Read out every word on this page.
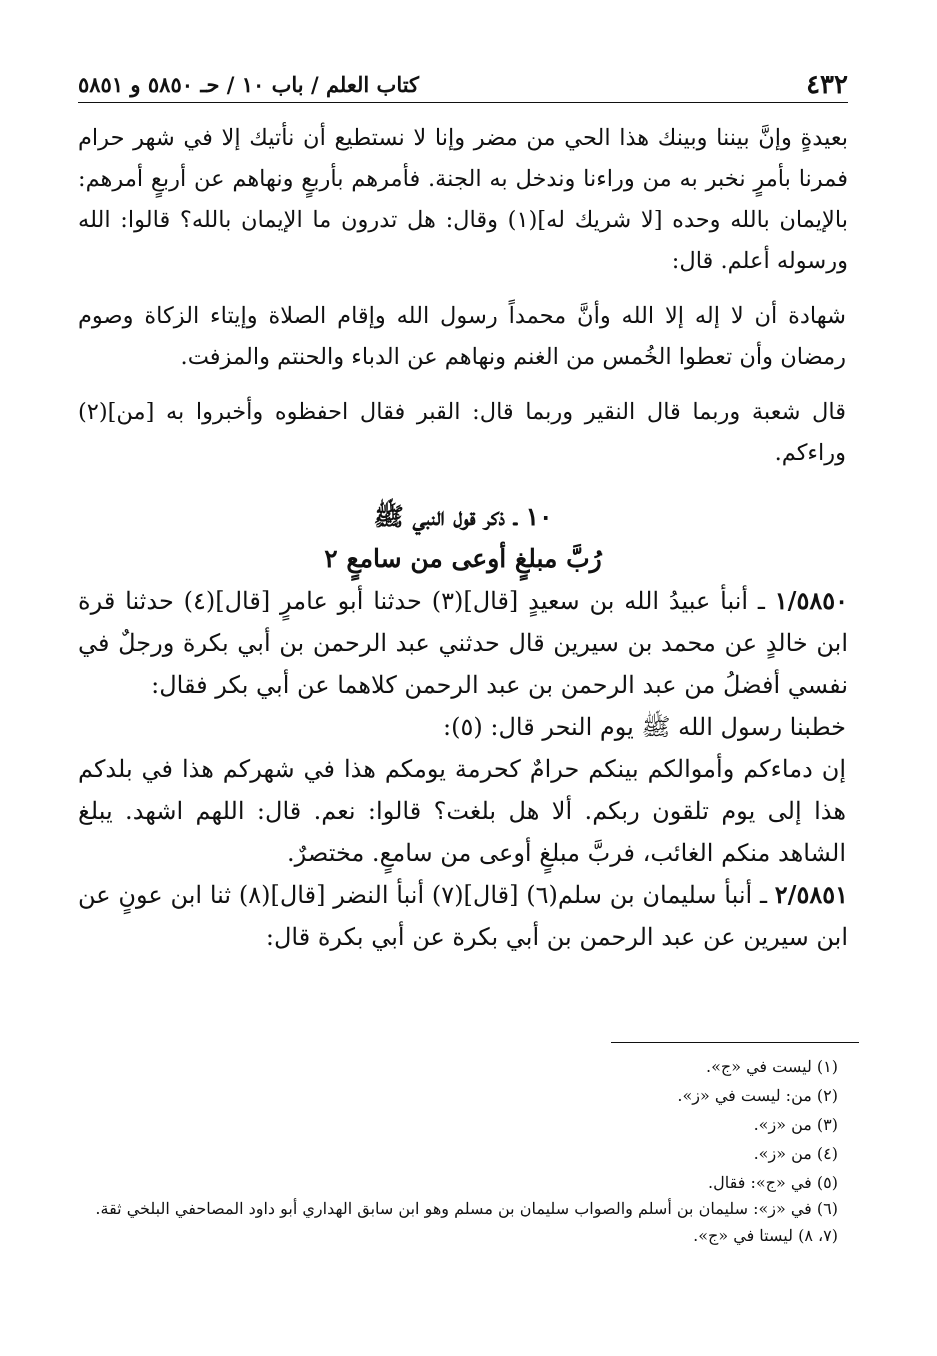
٤٣٢
كتاب العلم / باب ١٠ / حـ ٥٨٥٠ و ٥٨٥١

بعيدةٍ وإنَّ بيننا وبينك هذا الحي من مضر وإنا لا نستطيع أن نأتيك إلا في شهر حرام فمرنا بأمرٍ نخبر به من وراءنا وندخل به الجنة. فأمرهم بأربعٍ ونهاهم عن أربعٍ أمرهم: بالإيمان بالله وحده [لا شريك له](١) وقال: هل تدرون ما الإيمان بالله؟ قالوا: الله ورسوله أعلم. قال:

شهادة أن لا إله إلا الله وأنَّ محمداً رسول الله وإقام الصلاة وإيتاء الزكاة وصوم رمضان وأن تعطوا الخُمس من الغنم ونهاهم عن الدباء والحنتم والمزفت.

قال شعبة وربما قال النقير وربما قال: القبر فقال احفظوه وأخبروا به [من](٢) وراءكم.

١٠ ـ ذكر قول النبي ﷺ
رُبَّ مبلغٍ أوعى من سامعٍ ٢

١/٥٨٥٠ ـ أنبأ عبيدُ الله بن سعيدٍ [قال](٣) حدثنا أبو عامرٍ [قال](٤) حدثنا قرة ابن خالدٍ عن محمد بن سيرين قال حدثني عبد الرحمن بن أبي بكرة ورجلٌ في نفسي أفضلُ من عبد الرحمن بن عبد الرحمن كلاهما عن أبي بكر فقال:

خطبنا رسول الله ﷺ يوم النحر قال: (٥):

إن دماءكم وأموالكم بينكم حرامٌ كحرمة يومكم هذا في شهركم هذا في بلدكم هذا إلى يوم تلقون ربكم. ألا هل بلغت؟ قالوا: نعم. قال: اللهم اشهد. يبلغ الشاهد منكم الغائب، فربَّ مبلغٍ أوعى من سامعٍ. مختصرٌ.

٢/٥٨٥١ ـ أنبأ سليمان بن سلم(٦) [قال](٧) أنبأ النضر [قال](٨) ثنا ابن عونٍ عن ابن سيرين عن عبد الرحمن بن أبي بكرة عن أبي بكرة قال:

(١) ليست في «ج».

(٢) من: ليست في «ز».

(٣) من «ز».

(٤) من «ز».

(٥) في «ج»: فقال.

(٦) في «ز»: سليمان بن أسلم والصواب سليمان بن مسلم وهو ابن سابق الهداري أبو داود المصاحفي البلخي ثقة.

(٧، ٨) ليستا في «ج».
